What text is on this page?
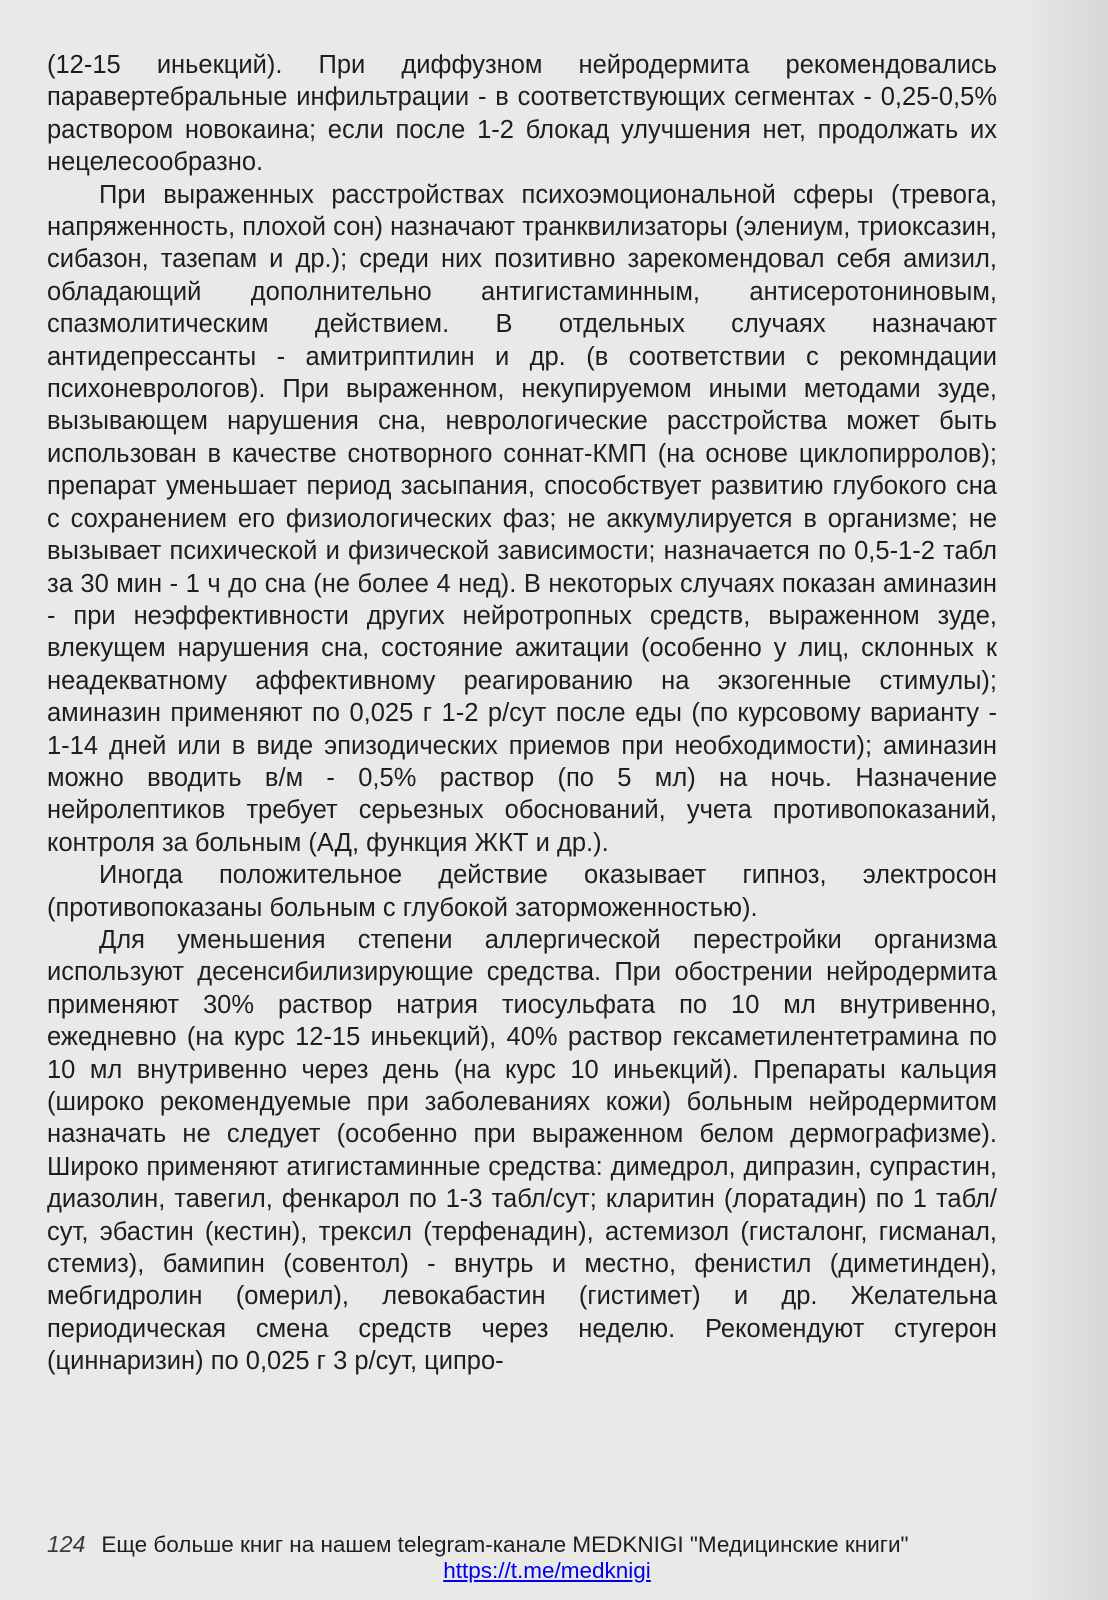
(12-15 иньекций). При диффузном нейродермита рекомендовались паравертебральные инфильтрации - в соответствующих сегментах - 0,25-0,5% раствором новокаина; если после 1-2 блокад улучшения нет, продолжать их нецелесообразно.

При выраженных расстройствах психоэмоциональной сферы (тревога, напряженность, плохой сон) назначают транквилизаторы (элениум, триоксазин, сибазон, тазепам и др.); среди них позитивно зарекомендовал себя амизил, обладающий дополнительно антигистаминным, антисеротониновым, спазмолитическим действием. В отдельных случаях назначают антидепрессанты - амитриптилин и др. (в соответствии с рекомндации психоневрологов). При выраженном, некупируемом иными методами зуде, вызывающем нарушения сна, неврологические расстройства может быть использован в качестве снотворного соннат-КМП (на основе циклопирролов); препарат уменьшает период засыпания, способствует развитию глубокого сна с сохранением его физиологических фаз; не аккумулируется в организме; не вызывает психической и физической зависимости; назначается по 0,5-1-2 табл за 30 мин - 1 ч до сна (не более 4 нед). В некоторых случаях показан аминазин - при неэффективности других нейротропных средств, выраженном зуде, влекущем нарушения сна, состояние ажитации (особенно у лиц, склонных к неадекватному аффективному реагированию на экзогенные стимулы); аминазин применяют по 0,025 г 1-2 р/сут после еды (по курсовому варианту - 1-14 дней или в виде эпизодических приемов при необходимости); аминазин можно вводить в/м - 0,5% раствор (по 5 мл) на ночь. Назначение нейролептиков требует серьезных обоснований, учета противопоказаний, контроля за больным (АД, функция ЖКТ и др.).

Иногда положительное действие оказывает гипноз, электросон (противопоказаны больным с глубокой заторможенностью).

Для уменьшения степени аллергической перестройки организма используют десенсибилизирующие средства. При обострении нейродермита применяют 30% раствор натрия тиосульфата по 10 мл внутривенно, ежедневно (на курс 12-15 иньекций), 40% раствор гексаметилентетрамина по 10 мл внутривенно через день (на курс 10 иньекций). Препараты кальция (широко рекомендуемые при заболеваниях кожи) больным нейродермитом назначать не следует (особенно при выраженном белом дермографизме). Широко применяют атигистаминные средства: димедрол, дипразин, супрастин, диазолин, тавегил, фенкарол по 1-3 табл/сут; кларитин (лоратадин) по 1 табл/сут, эбастин (кестин), трексил (терфенадин), астемизол (гисталонг, гисманал, стемиз), бамипин (совентол) - внутрь и местно, фенистил (диметинден), мебгидролин (омерил), левокабастин (гистимет) и др. Желательна периодическая смена средств через неделю. Рекомендуют стугерон (циннаризин) по 0,025 г 3 р/сут, ципро-

124 Еще больше книг на нашем telegram-канале MEDKNIGI "Медицинские книги"
https://t.me/medknigi
